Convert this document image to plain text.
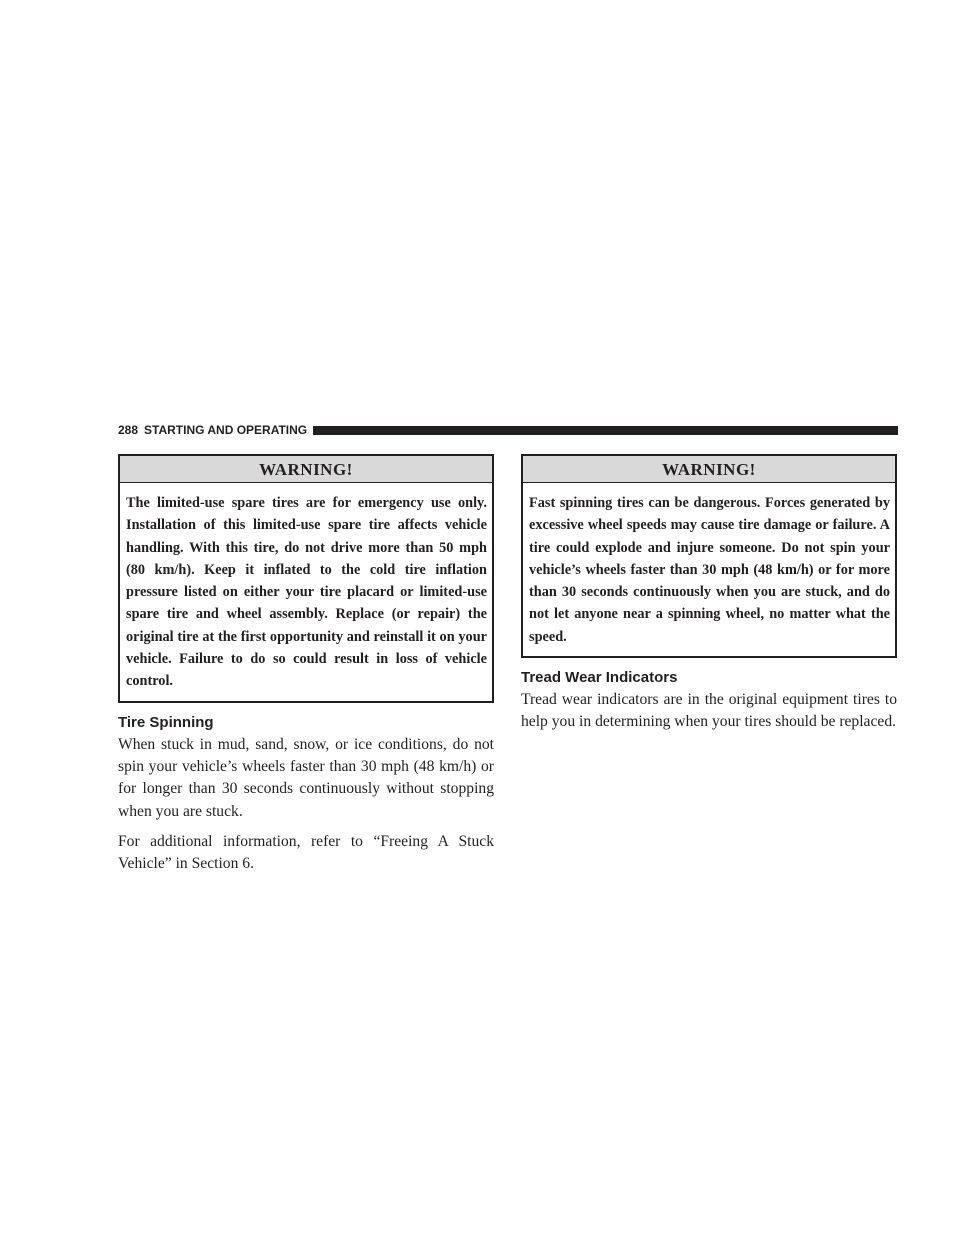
288 STARTING AND OPERATING
WARNING!
The limited-use spare tires are for emergency use only. Installation of this limited-use spare tire affects vehicle handling. With this tire, do not drive more than 50 mph (80 km/h). Keep it inflated to the cold tire inflation pressure listed on either your tire placard or limited-use spare tire and wheel assembly. Replace (or repair) the original tire at the first opportunity and reinstall it on your vehicle. Failure to do so could result in loss of vehicle control.
Tire Spinning

When stuck in mud, sand, snow, or ice conditions, do not spin your vehicle’s wheels faster than 30 mph (48 km/h) or for longer than 30 seconds continuously without stopping when you are stuck.

For additional information, refer to “Freeing A Stuck Vehicle” in Section 6.

WARNING!
Fast spinning tires can be dangerous. Forces generated by excessive wheel speeds may cause tire damage or failure. A tire could explode and injure someone. Do not spin your vehicle’s wheels faster than 30 mph (48 km/h) or for more than 30 seconds continuously when you are stuck, and do not let anyone near a spinning wheel, no matter what the speed.
Tread Wear Indicators

Tread wear indicators are in the original equipment tires to help you in determining when your tires should be replaced.
